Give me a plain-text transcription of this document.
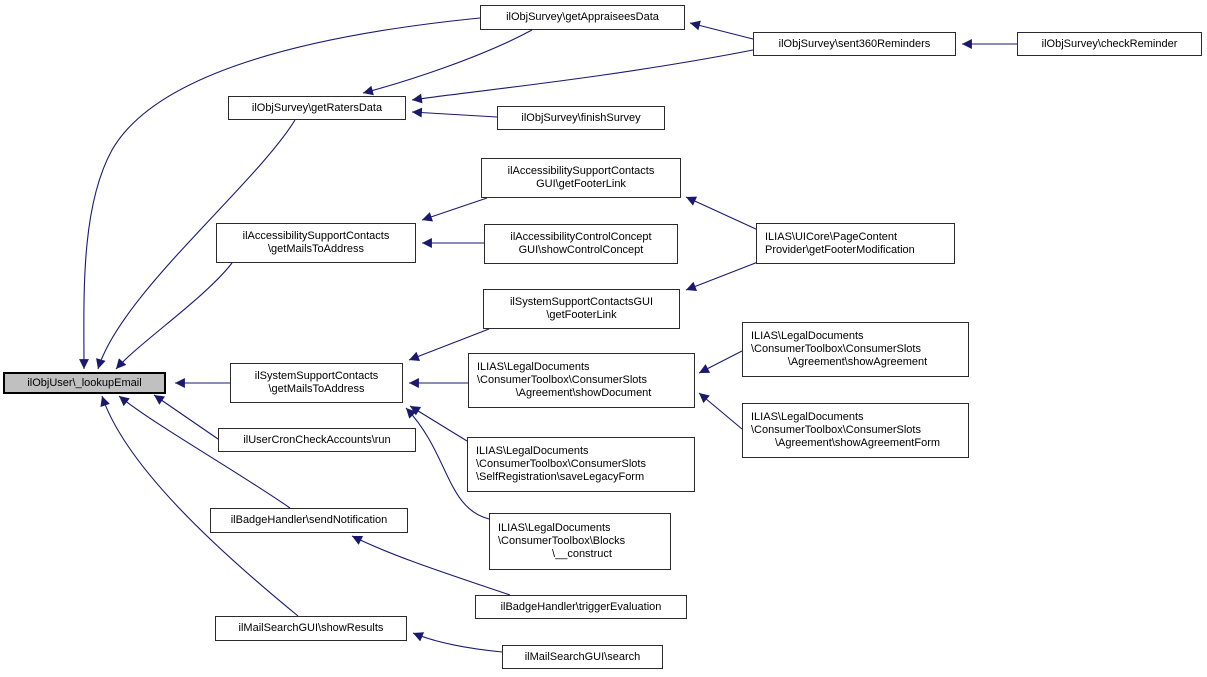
ilObjUser\_lookupEmail
ilObjSurvey\getAppraiseesData
ilObjSurvey\sent360Reminders	ilObjSurvey\checkReminder
ilObjSurvey\getRatersData
ilObjSurvey\finishSurvey
ilAccessibilitySupportContacts
GUI\getFooterLink
ilAccessibilitySupportContacts
\getMailsToAddress
ilAccessibilityControlConcept
GUI\showControlConcept
ILIAS\UICore\PageContent
Provider\getFooterModification
ilSystemSupportContactsGUI
\getFooterLink
ilSystemSupportContacts
\getMailsToAddress
ILIAS\LegalDocuments
\ConsumerToolbox\ConsumerSlots
\Agreement\showDocument
ILIAS\LegalDocuments
\ConsumerToolbox\ConsumerSlots
\Agreement\showAgreement
ILIAS\LegalDocuments
\ConsumerToolbox\ConsumerSlots
\Agreement\showAgreementForm
ilUserCronCheckAccounts\run
ILIAS\LegalDocuments
\ConsumerToolbox\ConsumerSlots
\SelfRegistration\saveLegacyForm
ilBadgeHandler\sendNotification
ILIAS\LegalDocuments
\ConsumerToolbox\Blocks
\__construct
ilBadgeHandler\triggerEvaluation
ilMailSearchGUI\showResults
ilMailSearchGUI\search
